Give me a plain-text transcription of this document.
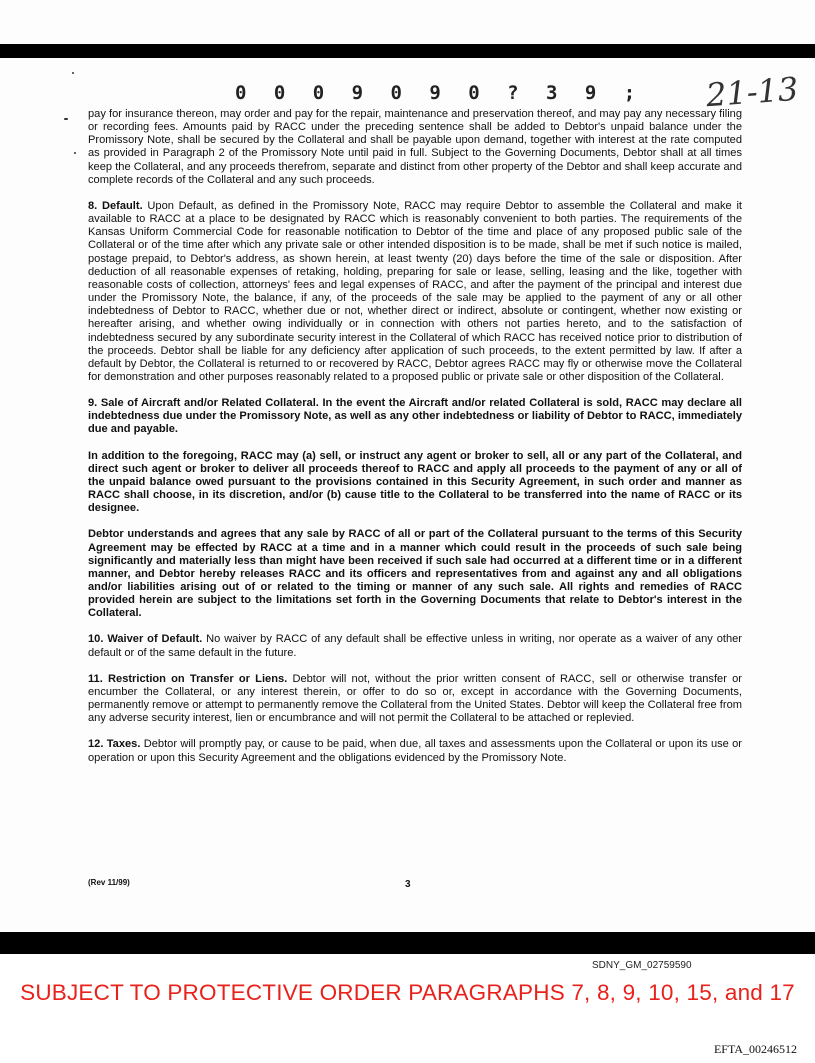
0 0 0 9 0 9 0 ? 3 9 ; 21-13

pay for insurance thereon, may order and pay for the repair, maintenance and preservation thereof, and may pay any necessary filing or recording fees. Amounts paid by RACC under the preceding sentence shall be added to Debtor's unpaid balance under the Promissory Note, shall be secured by the Collateral and shall be payable upon demand, together with interest at the rate computed as provided in Paragraph 2 of the Promissory Note until paid in full. Subject to the Governing Documents, Debtor shall at all times keep the Collateral, and any proceeds therefrom, separate and distinct from other property of the Debtor and shall keep accurate and complete records of the Collateral and any such proceeds.

8. Default. Upon Default, as defined in the Promissory Note, RACC may require Debtor to assemble the Collateral and make it available to RACC at a place to be designated by RACC which is reasonably convenient to both parties. The requirements of the Kansas Uniform Commercial Code for reasonable notification to Debtor of the time and place of any proposed public sale of the Collateral or of the time after which any private sale or other intended disposition is to be made, shall be met if such notice is mailed, postage prepaid, to Debtor's address, as shown herein, at least twenty (20) days before the time of the sale or disposition. After deduction of all reasonable expenses of retaking, holding, preparing for sale or lease, selling, leasing and the like, together with reasonable costs of collection, attorneys' fees and legal expenses of RACC, and after the payment of the principal and interest due under the Promissory Note, the balance, if any, of the proceeds of the sale may be applied to the payment of any or all other indebtedness of Debtor to RACC, whether due or not, whether direct or indirect, absolute or contingent, whether now existing or hereafter arising, and whether owing individually or in connection with others not parties hereto, and to the satisfaction of indebtedness secured by any subordinate security interest in the Collateral of which RACC has received notice prior to distribution of the proceeds. Debtor shall be liable for any deficiency after application of such proceeds, to the extent permitted by law. If after a default by Debtor, the Collateral is returned to or recovered by RACC, Debtor agrees RACC may fly or otherwise move the Collateral for demonstration and other purposes reasonably related to a proposed public or private sale or other disposition of the Collateral.

9. Sale of Aircraft and/or Related Collateral. In the event the Aircraft and/or related Collateral is sold, RACC may declare all indebtedness due under the Promissory Note, as well as any other indebtedness or liability of Debtor to RACC, immediately due and payable.

In addition to the foregoing, RACC may (a) sell, or instruct any agent or broker to sell, all or any part of the Collateral, and direct such agent or broker to deliver all proceeds thereof to RACC and apply all proceeds to the payment of any or all of the unpaid balance owed pursuant to the provisions contained in this Security Agreement, in such order and manner as RACC shall choose, in its discretion, and/or (b) cause title to the Collateral to be transferred into the name of RACC or its designee.

Debtor understands and agrees that any sale by RACC of all or part of the Collateral pursuant to the terms of this Security Agreement may be effected by RACC at a time and in a manner which could result in the proceeds of such sale being significantly and materially less than might have been received if such sale had occurred at a different time or in a different manner, and Debtor hereby releases RACC and its officers and representatives from and against any and all obligations and/or liabilities arising out of or related to the timing or manner of any such sale. All rights and remedies of RACC provided herein are subject to the limitations set forth in the Governing Documents that relate to Debtor's interest in the Collateral.

10. Waiver of Default. No waiver by RACC of any default shall be effective unless in writing, nor operate as a waiver of any other default or of the same default in the future.

11. Restriction on Transfer or Liens. Debtor will not, without the prior written consent of RACC, sell or otherwise transfer or encumber the Collateral, or any interest therein, or offer to do so or, except in accordance with the Governing Documents, permanently remove or attempt to permanently remove the Collateral from the United States. Debtor will keep the Collateral free from any adverse security interest, lien or encumbrance and will not permit the Collateral to be attached or replevied.

12. Taxes. Debtor will promptly pay, or cause to be paid, when due, all taxes and assessments upon the Collateral or upon its use or operation or upon this Security Agreement and the obligations evidenced by the Promissory Note.

(Rev 11/99)	3
SDNY_GM_02759590
SUBJECT TO PROTECTIVE ORDER PARAGRAPHS 7, 8, 9, 10, 15, and 17
EFTA_00246512
